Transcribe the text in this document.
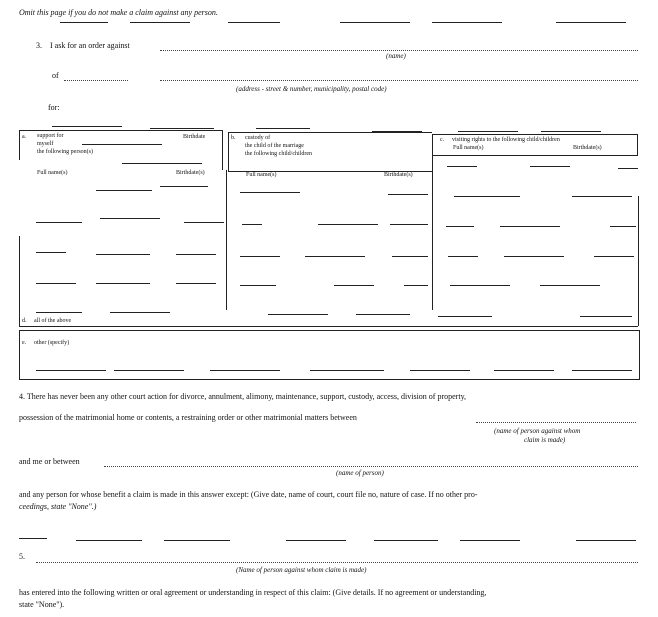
Omit this page if you do not make a claim against any person.
3. I ask for an order against
(name)
of
(address - street & number, municipality, postal code)
for:
a. support for
myself
the following person(s)
Birthdate
Full name(s)	Birthdate(s)
b. custody of
the child of the marriage
the following child/children
Full name(s)	Birthdate(s)
c. visiting rights to the following child/children
Full name(s)	Birthdate(s)
d. all of the above
e. other (specify)
4. There has never been any other court action for divorce, annulment, alimony, maintenance, support, custody, access, division of property,
possession of the matrimonial home or contents, a restraining order or other matrimonial matters between
(name of person against whom
claim is made)
and me or between
(name of person)
and any person for whose benefit a claim is made in this answer except: (Give date, name of court, court file no, nature of case. If no other pro-
ceedings, state "None".)
5.
(Name of person against whom claim is made)
has entered into the following written or oral agreement or understanding in respect of this claim: (Give details. If no agreement or understanding,
state "None").
